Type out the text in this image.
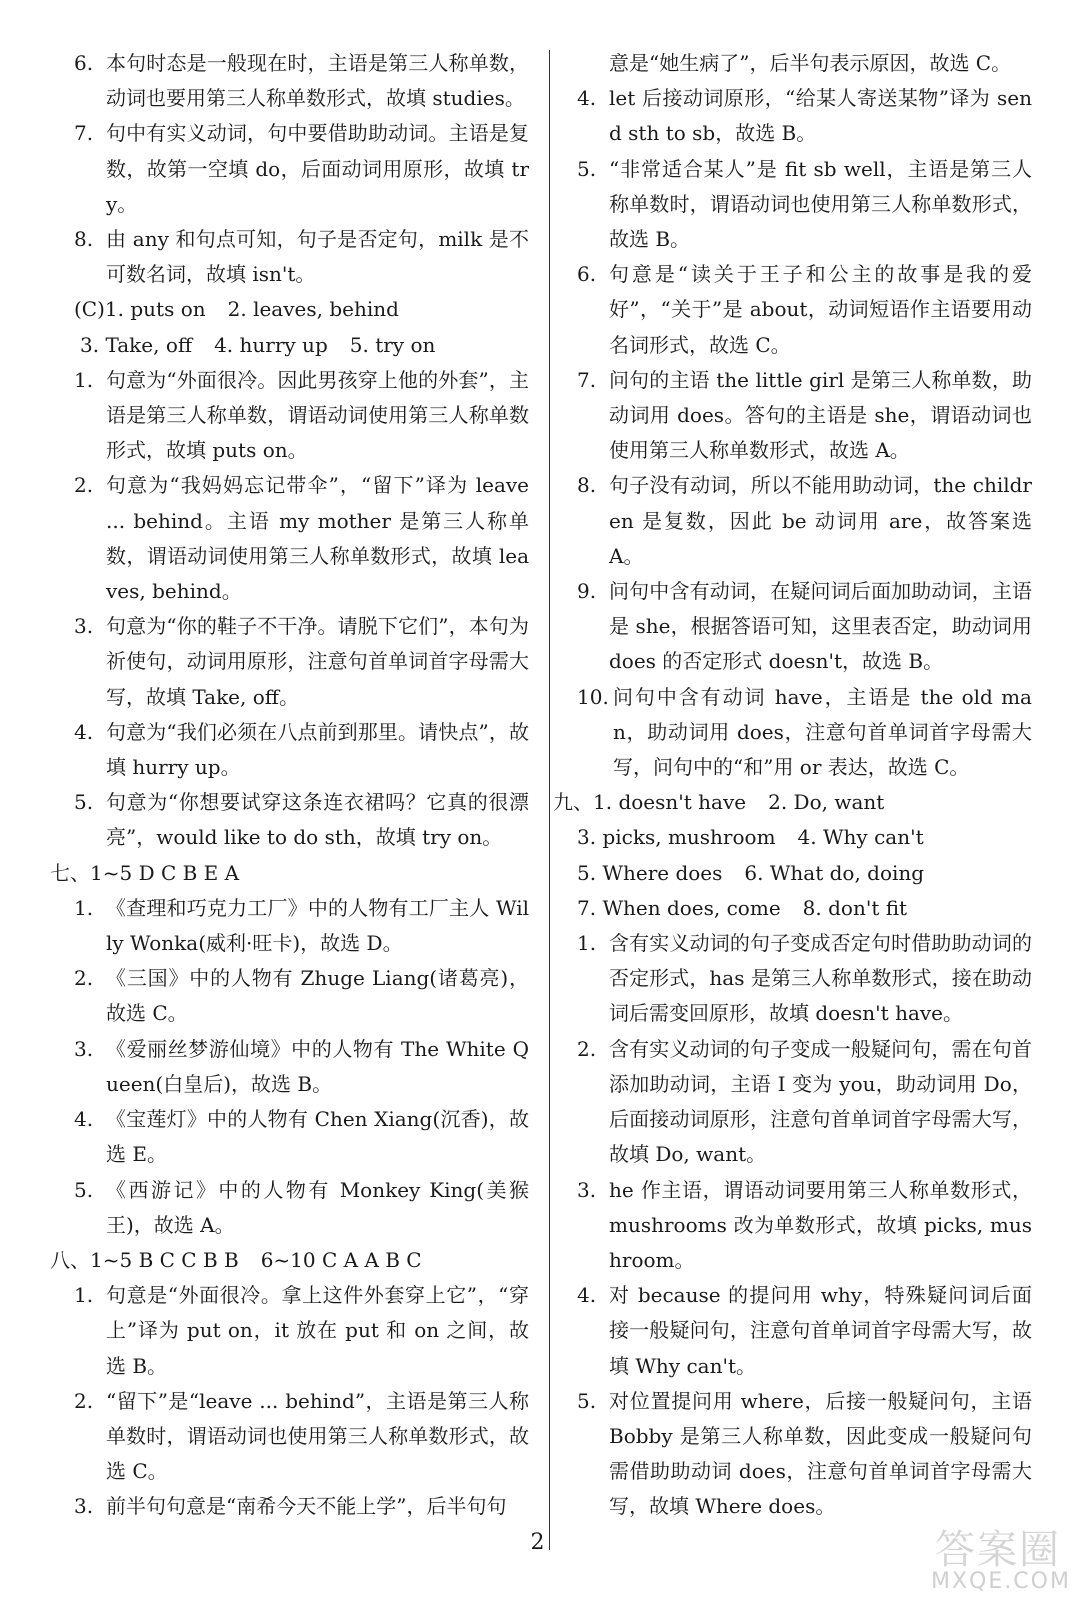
6. 本句时态是一般现在时，主语是第三人称单数，动词也要用第三人称单数形式，故填 studies。
7. 句中有实义动词，句中要借助助动词。主语是复数，故第一空填 do，后面动词用原形，故填 try。
8. 由 any 和句点可知，句子是否定句，milk 是不可数名词，故填 isn't。

(C)1. puts on 2. leaves, behind

3. Take, off 4. hurry up 5. try on

1. 句意为“外面很冷。因此男孩穿上他的外套”，主语是第三人称单数，谓语动词使用第三人称单数形式，故填 puts on。
2. 句意为“我妈妈忘记带伞”，“留下”译为 leave ... behind。主语 my mother 是第三人称单数，谓语动词使用第三人称单数形式，故填 leaves, behind。
3. 句意为“你的鞋子不干净。请脱下它们”，本句为祈使句，动词用原形，注意句首单词首字母需大写，故填 Take, off。
4. 句意为“我们必须在八点前到那里。请快点”，故填 hurry up。
5. 句意为“你想要试穿这条连衣裙吗？它真的很漂亮”，would like to do sth，故填 try on。

七、1~5 D C B E A

1. 《查理和巧克力工厂》中的人物有工厂主人 Willy Wonka(威利·旺卡)，故选 D。
2. 《三国》中的人物有 Zhuge Liang(诸葛亮)，故选 C。
3. 《爱丽丝梦游仙境》中的人物有 The White Queen(白皇后)，故选 B。
4. 《宝莲灯》中的人物有 Chen Xiang(沉香)，故选 E。
5. 《西游记》中的人物有 Monkey King(美猴王)，故选 A。

八、1~5 B C C B B 6~10 C A A B C

1. 句意是“外面很冷。拿上这件外套穿上它”，“穿上”译为 put on，it 放在 put 和 on 之间，故选 B。
2. “留下”是“leave ... behind”，主语是第三人称单数时，谓语动词也使用第三人称单数形式，故选 C。
3. 前半句句意是“南希今天不能上学”，后半句句
意是“她生病了”，后半句表示原因，故选 C。
4. let 后接动词原形，“给某人寄送某物”译为 send sth to sb，故选 B。
5. “非常适合某人”是 fit sb well，主语是第三人称单数时，谓语动词也使用第三人称单数形式，故选 B。
6. 句意是“读关于王子和公主的故事是我的爱好”，“关于”是 about，动词短语作主语要用动名词形式，故选 C。
7. 问句的主语 the little girl 是第三人称单数，助动词用 does。答句的主语是 she，谓语动词也使用第三人称单数形式，故选 A。
8. 句子没有动词，所以不能用助动词，the children 是复数，因此 be 动词用 are，故答案选 A。
9. 问句中含有动词，在疑问词后面加助动词，主语是 she，根据答语可知，这里表否定，助动词用 does 的否定形式 doesn't，故选 B。
10. 问句中含有动词 have，主语是 the old man，助动词用 does，注意句首单词首字母需大写，问句中的“和”用 or 表达，故选 C。

九、1. doesn't have 2. Do, want

3. picks, mushroom 4. Why can't

5. Where does 6. What do, doing

7. When does, come 8. don't fit

1. 含有实义动词的句子变成否定句时借助助动词的否定形式，has 是第三人称单数形式，接在助动词后需变回原形，故填 doesn't have。
2. 含有实义动词的句子变成一般疑问句，需在句首添加助动词，主语 I 变为 you，助动词用 Do，后面接动词原形，注意句首单词首字母需大写，故填 Do, want。
3. he 作主语，谓语动词要用第三人称单数形式，mushrooms 改为单数形式，故填 picks, mushroom。
4. 对 because 的提问用 why，特殊疑问词后面接一般疑问句，注意句首单词首字母需大写，故填 Why can't。
5. 对位置提问用 where，后接一般疑问句，主语 Bobby 是第三人称单数，因此变成一般疑问句需借助助动词 does，注意句首单词首字母需大写，故填 Where does。
2	答案圈
MXQE.COM
